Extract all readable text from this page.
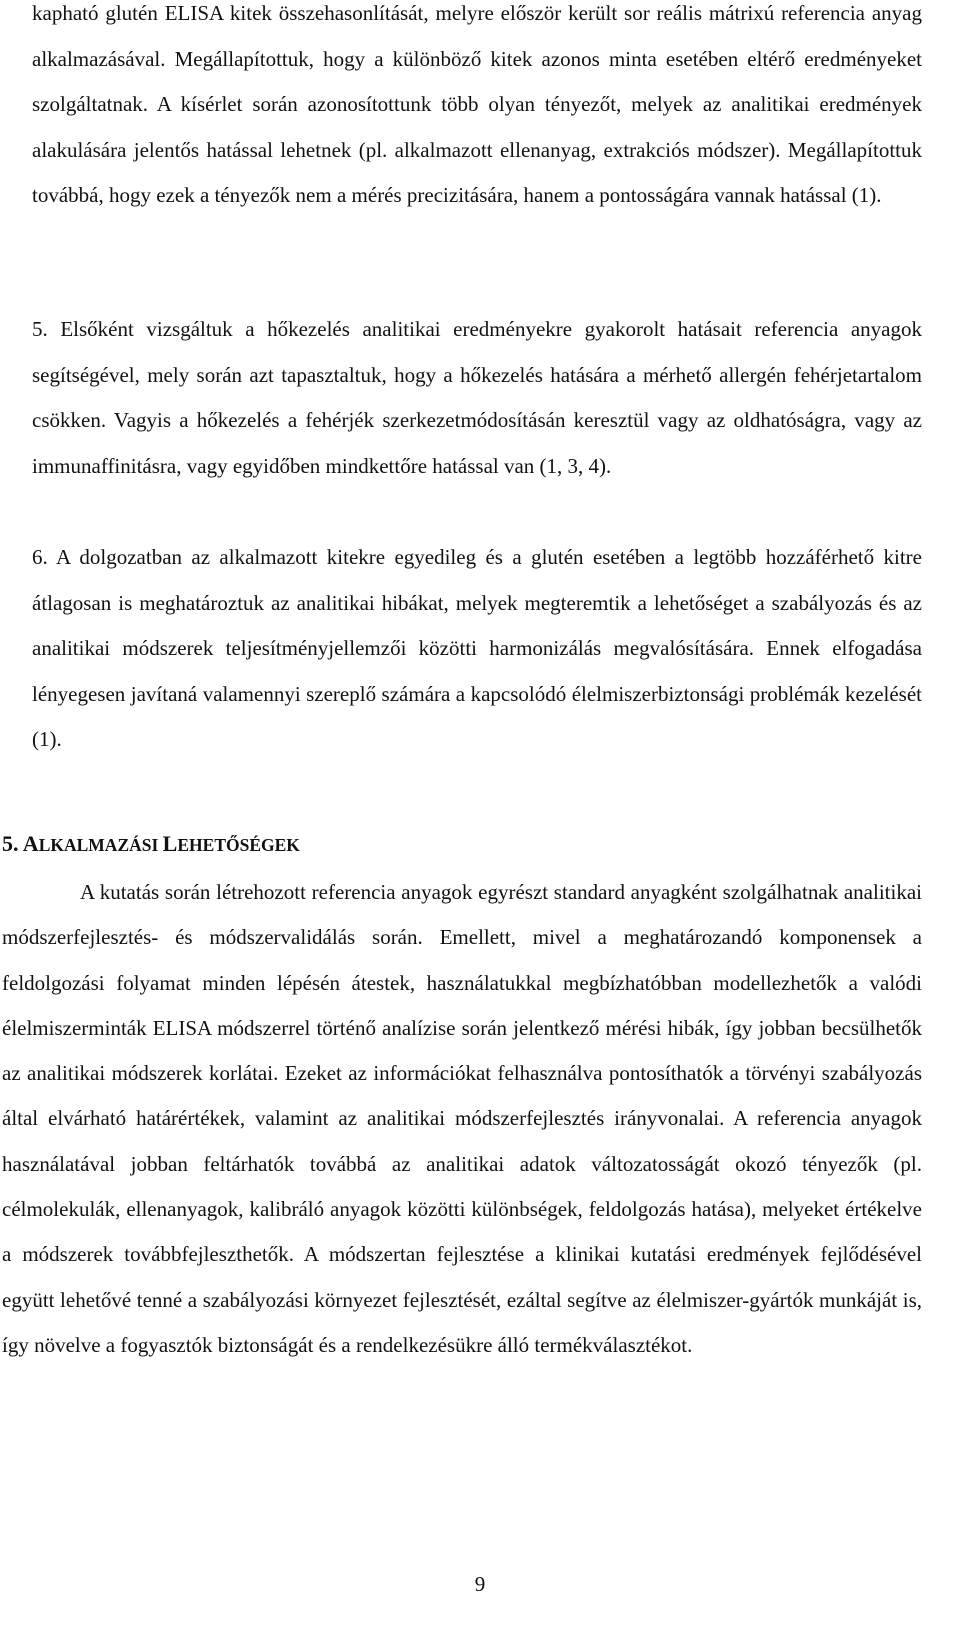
kapható glutén ELISA kitek összehasonlítását, melyre először került sor reális mátrixú referencia anyag alkalmazásával. Megállapítottuk, hogy a különböző kitek azonos minta esetében eltérő eredményeket szolgáltatnak. A kísérlet során azonosítottunk több olyan tényezőt, melyek az analitikai eredmények alakulására jelentős hatással lehetnek (pl. alkalmazott ellenanyag, extrakciós módszer). Megállapítottuk továbbá, hogy ezek a tényezők nem a mérés precizitására, hanem a pontosságára vannak hatással (1).

5. Elsőként vizsgáltuk a hőkezelés analitikai eredményekre gyakorolt hatásait referencia anyagok segítségével, mely során azt tapasztaltuk, hogy a hőkezelés hatására a mérhető allergén fehérjetartalom csökken. Vagyis a hőkezelés a fehérjék szerkezetmódosításán keresztül vagy az oldhatóságra, vagy az immunaffinitásra, vagy egyidőben mindkettőre hatással van (1, 3, 4).

6. A dolgozatban az alkalmazott kitekre egyedileg és a glutén esetében a legtöbb hozzáférhető kitre átlagosan is meghatároztuk az analitikai hibákat, melyek megteremtik a lehetőséget a szabályozás és az analitikai módszerek teljesítményjellemzői közötti harmonizálás megvalósítására. Ennek elfogadása lényegesen javítaná valamennyi szereplő számára a kapcsolódó élelmiszerbiztonsági problémák kezelését (1).

5. ALKALMAZÁSI LEHETŐSÉGEK

A kutatás során létrehozott referencia anyagok egyrészt standard anyagként szolgálhatnak analitikai módszerfejlesztés- és módszervalidálás során. Emellett, mivel a meghatározandó komponensek a feldolgozási folyamat minden lépésén átestek, használatukkal megbízhatóbban modellezhetők a valódi élelmiszerminták ELISA módszerrel történő analízise során jelentkező mérési hibák, így jobban becsülhetők az analitikai módszerek korlátai. Ezeket az információkat felhasználva pontosíthatók a törvényi szabályozás által elvárható határértékek, valamint az analitikai módszerfejlesztés irányvonalai. A referencia anyagok használatával jobban feltárhatók továbbá az analitikai adatok változatosságát okozó tényezők (pl. célmolekulák, ellenanyagok, kalibráló anyagok közötti különbségek, feldolgozás hatása), melyeket értékelve a módszerek továbbfejleszthetők. A módszertan fejlesztése a klinikai kutatási eredmények fejlődésével együtt lehetővé tenné a szabályozási környezet fejlesztését, ezáltal segítve az élelmiszer-gyártók munkáját is, így növelve a fogyasztók biztonságát és a rendelkezésükre álló termékválasztékot.

9
